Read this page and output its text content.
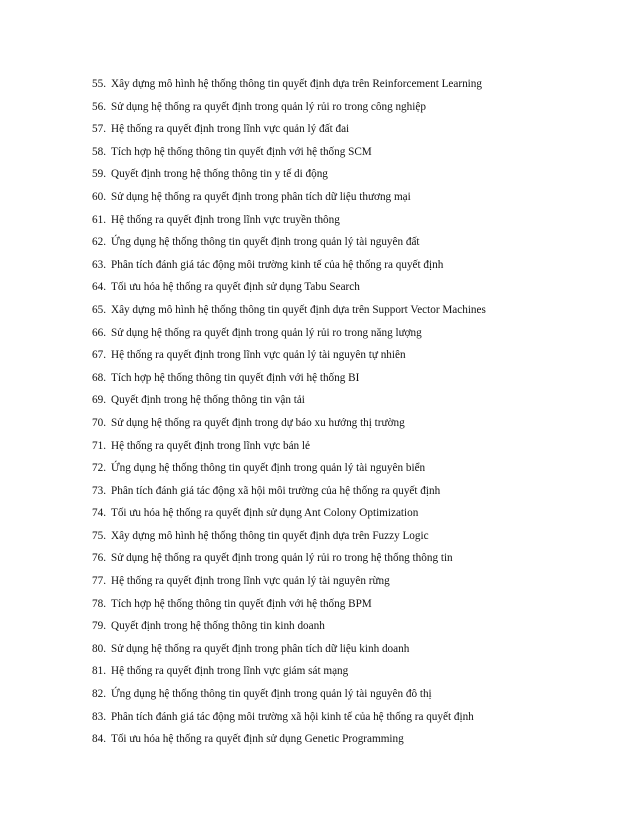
55. Xây dựng mô hình hệ thống thông tin quyết định dựa trên Reinforcement Learning
56. Sử dụng hệ thống ra quyết định trong quản lý rủi ro trong công nghiệp
57. Hệ thống ra quyết định trong lĩnh vực quản lý đất đai
58. Tích hợp hệ thống thông tin quyết định với hệ thống SCM
59. Quyết định trong hệ thống thông tin y tế di động
60. Sử dụng hệ thống ra quyết định trong phân tích dữ liệu thương mại
61. Hệ thống ra quyết định trong lĩnh vực truyền thông
62. Ứng dụng hệ thống thông tin quyết định trong quản lý tài nguyên đất
63. Phân tích đánh giá tác động môi trường kinh tế của hệ thống ra quyết định
64. Tối ưu hóa hệ thống ra quyết định sử dụng Tabu Search
65. Xây dựng mô hình hệ thống thông tin quyết định dựa trên Support Vector Machines
66. Sử dụng hệ thống ra quyết định trong quản lý rủi ro trong năng lượng
67. Hệ thống ra quyết định trong lĩnh vực quản lý tài nguyên tự nhiên
68. Tích hợp hệ thống thông tin quyết định với hệ thống BI
69. Quyết định trong hệ thống thông tin vận tải
70. Sử dụng hệ thống ra quyết định trong dự báo xu hướng thị trường
71. Hệ thống ra quyết định trong lĩnh vực bán lẻ
72. Ứng dụng hệ thống thông tin quyết định trong quản lý tài nguyên biển
73. Phân tích đánh giá tác động xã hội môi trường của hệ thống ra quyết định
74. Tối ưu hóa hệ thống ra quyết định sử dụng Ant Colony Optimization
75. Xây dựng mô hình hệ thống thông tin quyết định dựa trên Fuzzy Logic
76. Sử dụng hệ thống ra quyết định trong quản lý rủi ro trong hệ thống thông tin
77. Hệ thống ra quyết định trong lĩnh vực quản lý tài nguyên rừng
78. Tích hợp hệ thống thông tin quyết định với hệ thống BPM
79. Quyết định trong hệ thống thông tin kinh doanh
80. Sử dụng hệ thống ra quyết định trong phân tích dữ liệu kinh doanh
81. Hệ thống ra quyết định trong lĩnh vực giám sát mạng
82. Ứng dụng hệ thống thông tin quyết định trong quản lý tài nguyên đô thị
83. Phân tích đánh giá tác động môi trường xã hội kinh tế của hệ thống ra quyết định
84. Tối ưu hóa hệ thống ra quyết định sử dụng Genetic Programming
